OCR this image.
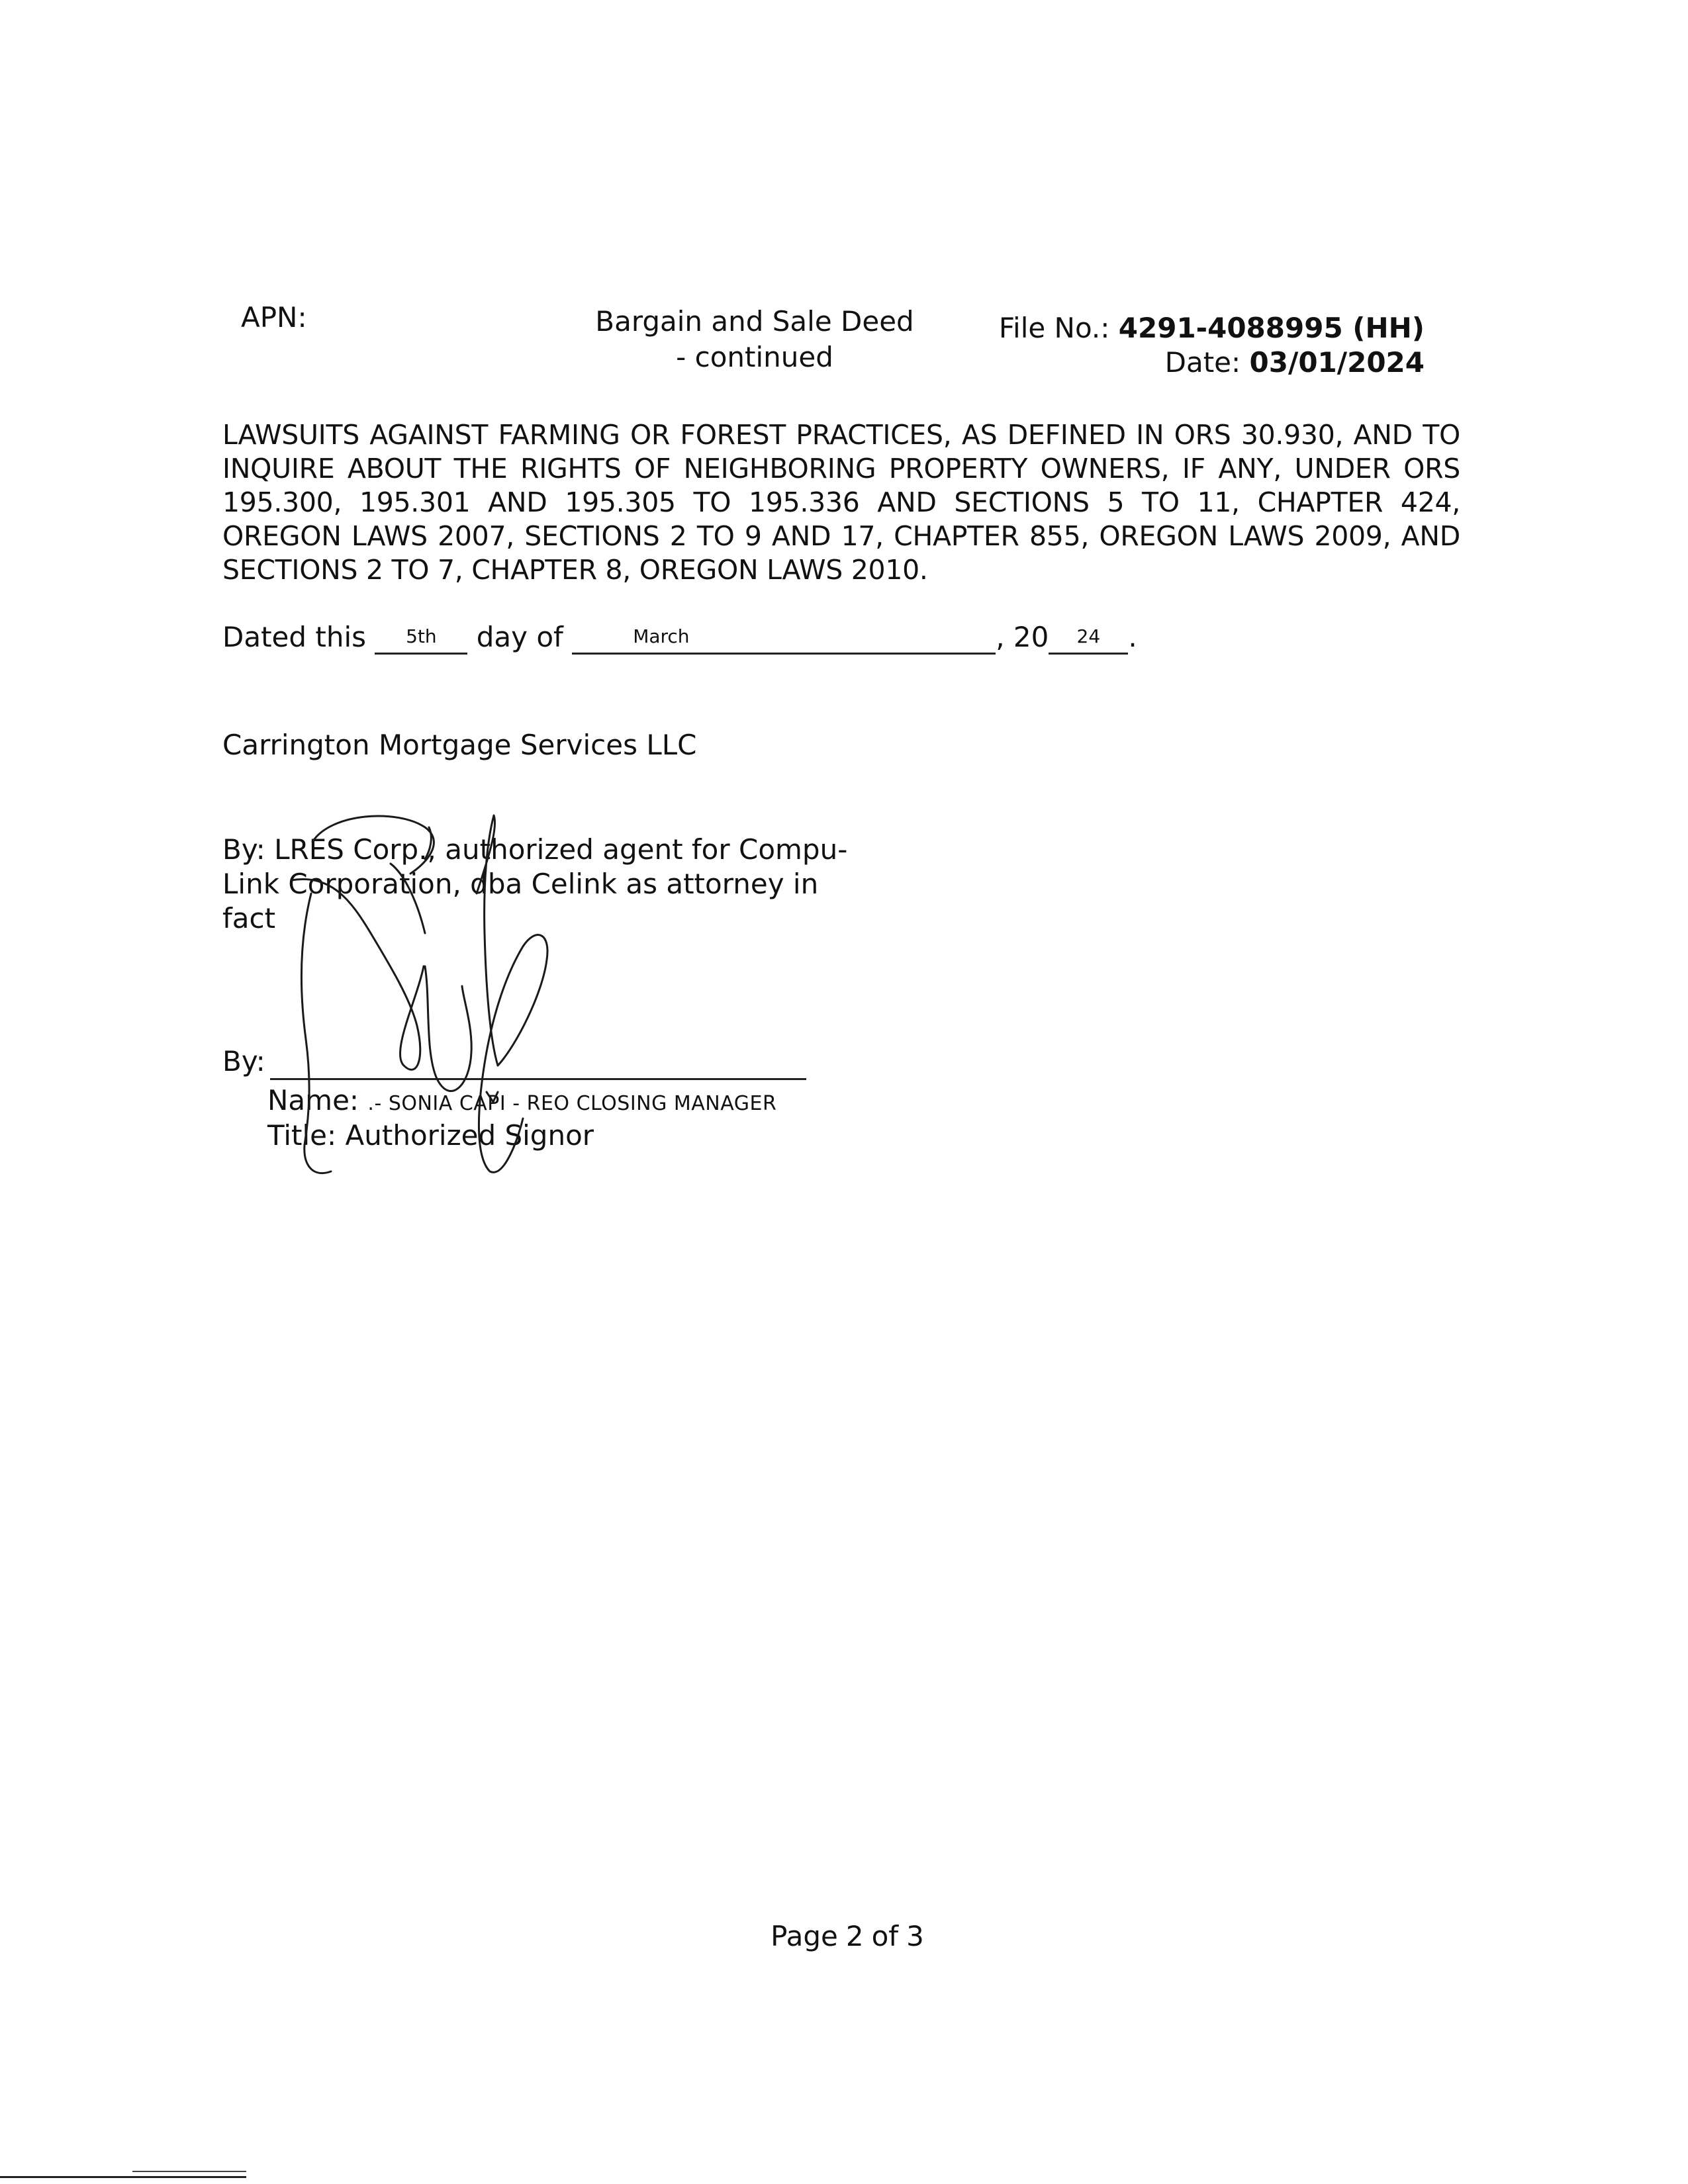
APN:	Bargain and Sale Deed
- continued
File No.: 4291-4088995 (HH)
Date: 03/01/2024
LAWSUITS AGAINST FARMING OR FOREST PRACTICES, AS DEFINED IN ORS 30.930, AND TO INQUIRE ABOUT THE RIGHTS OF NEIGHBORING PROPERTY OWNERS, IF ANY, UNDER ORS 195.300, 195.301 AND 195.305 TO 195.336 AND SECTIONS 5 TO 11, CHAPTER 424, OREGON LAWS 2007, SECTIONS 2 TO 9 AND 17, CHAPTER 855, OREGON LAWS 2009, AND SECTIONS 2 TO 7, CHAPTER 8, OREGON LAWS 2010.
Dated this 5th day of	March	, 20 24 .
Carrington Mortgage Services LLC
By: LRES Corp., authorized agent for Compu-
Link Corporation, dba Celink as attorney in
fact
By:
Name: .- SONIA CAPI - REO CLOSING MANAGER
Title: Authorized Signor
Page 2 of 3
